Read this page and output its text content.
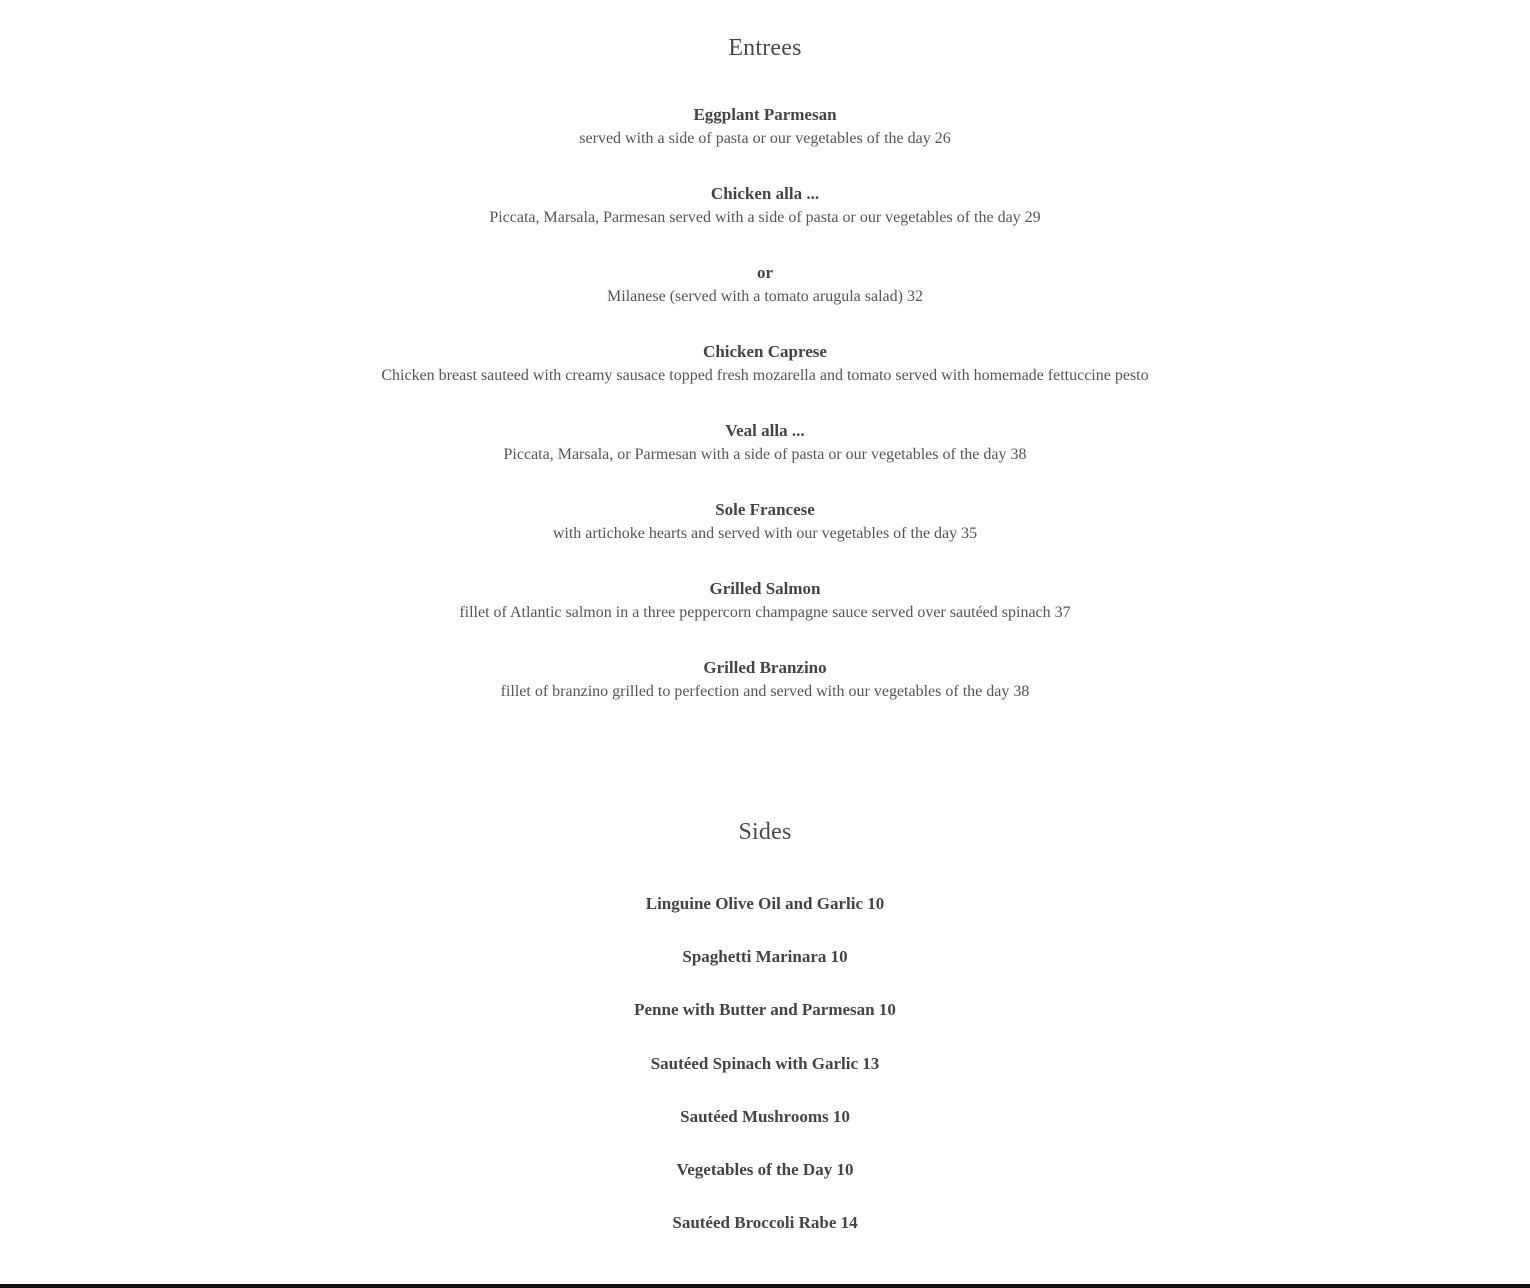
Entrees
Eggplant Parmesan
served with a side of pasta or our vegetables of the day 26
Chicken alla ...
Piccata, Marsala, Parmesan served with a side of pasta or our vegetables of the day 29
or
Milanese (served with a tomato arugula salad) 32
Chicken Caprese
Chicken breast sauteed with creamy sausace topped fresh mozarella and tomato served with homemade fettuccine pesto
Veal alla ...
Piccata, Marsala, or Parmesan with a side of pasta or our vegetables of the day 38
Sole Francese
with artichoke hearts and served with our vegetables of the day 35
Grilled Salmon
fillet of Atlantic salmon in a three peppercorn champagne sauce served over sautéed spinach 37
Grilled Branzino
fillet of branzino grilled to perfection and served with our vegetables of the day 38
Sides
Linguine Olive Oil and Garlic 10
Spaghetti Marinara 10
Penne with Butter and Parmesan 10
Sautéed Spinach with Garlic 13
Sautéed Mushrooms 10
Vegetables of the Day 10
Sautéed Broccoli Rabe 14
